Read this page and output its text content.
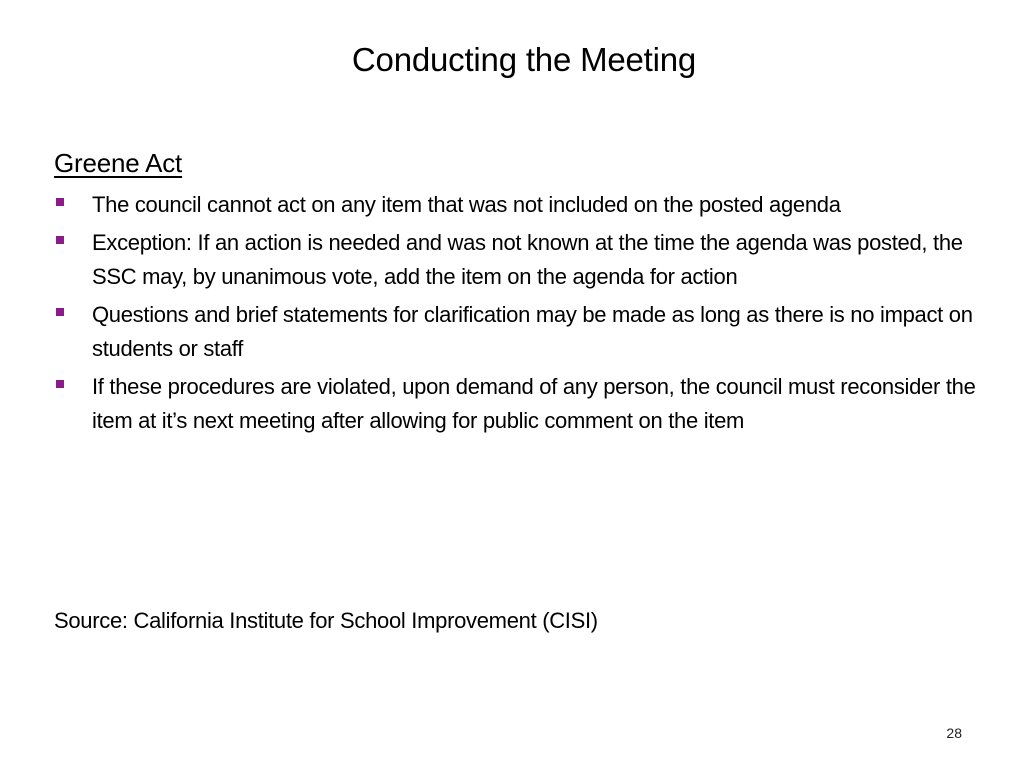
Conducting the Meeting
Greene Act
The council cannot act on any item that was not included on the posted agenda
Exception: If an action is needed and was not known at the time the agenda was posted, the SSC may, by unanimous vote, add the item on the agenda for action
Questions and brief statements for clarification may be made as long as there is no impact on students or staff
If these procedures are violated, upon demand of any person, the council must reconsider the item at it’s next meeting after allowing for public comment on the item
Source: California Institute for School Improvement (CISI)
28
